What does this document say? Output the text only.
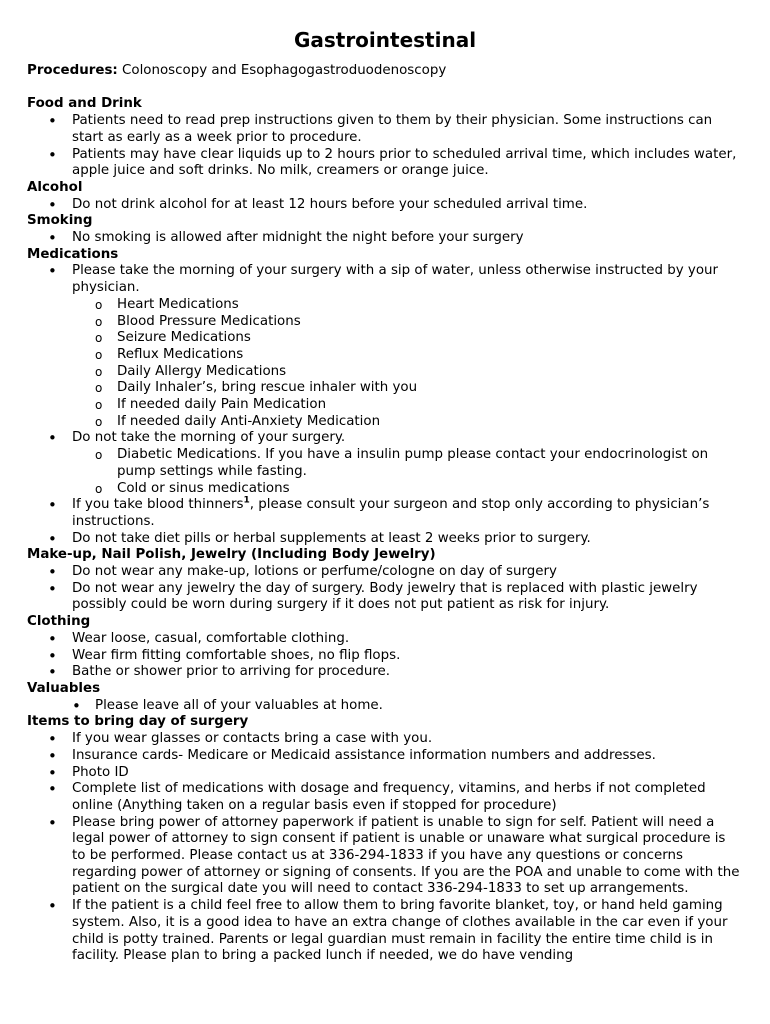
Gastrointestinal
Procedures: Colonoscopy and Esophagogastroduodenoscopy
Food and Drink
• Patients need to read prep instructions given to them by their physician. Some instructions can start as early as a week prior to procedure.
• Patients may have clear liquids up to 2 hours prior to scheduled arrival time, which includes water, apple juice and soft drinks. No milk, creamers or orange juice.
Alcohol
• Do not drink alcohol for at least 12 hours before your scheduled arrival time.
Smoking
• No smoking is allowed after midnight the night before your surgery
Medications
• Please take the morning of your surgery with a sip of water, unless otherwise instructed by your physician.
o Heart Medications
o Blood Pressure Medications
o Seizure Medications
o Reflux Medications
o Daily Allergy Medications
o Daily Inhaler’s, bring rescue inhaler with you
o If needed daily Pain Medication
o If needed daily Anti-Anxiety Medication
• Do not take the morning of your surgery.
o Diabetic Medications. If you have a insulin pump please contact your endocrinologist on pump settings while fasting.
o Cold or sinus medications
• If you take blood thinners$^1$, please consult your surgeon and stop only according to physician’s instructions.
• Do not take diet pills or herbal supplements at least 2 weeks prior to surgery.
Make-up, Nail Polish, Jewelry (Including Body Jewelry)
• Do not wear any make-up, lotions or perfume/cologne on day of surgery
• Do not wear any jewelry the day of surgery. Body jewelry that is replaced with plastic jewelry possibly could be worn during surgery if it does not put patient as risk for injury.
Clothing
• Wear loose, casual, comfortable clothing.
• Wear firm fitting comfortable shoes, no flip flops.
• Bathe or shower prior to arriving for procedure.
Valuables
• Please leave all of your valuables at home.
Items to bring day of surgery
• If you wear glasses or contacts bring a case with you.
• Insurance cards- Medicare or Medicaid assistance information numbers and addresses.
• Photo ID
• Complete list of medications with dosage and frequency, vitamins, and herbs if not completed online (Anything taken on a regular basis even if stopped for procedure)
• Please bring power of attorney paperwork if patient is unable to sign for self. Patient will need a legal power of attorney to sign consent if patient is unable or unaware what surgical procedure is to be performed. Please contact us at 336-294-1833 if you have any questions or concerns regarding power of attorney or signing of consents. If you are the POA and unable to come with the patient on the surgical date you will need to contact 336-294-1833 to set up arrangements.
• If the patient is a child feel free to allow them to bring favorite blanket, toy, or hand held gaming system. Also, it is a good idea to have an extra change of clothes available in the car even if your child is potty trained. Parents or legal guardian must remain in facility the entire time child is in facility. Please plan to bring a packed lunch if needed, we do have vending
